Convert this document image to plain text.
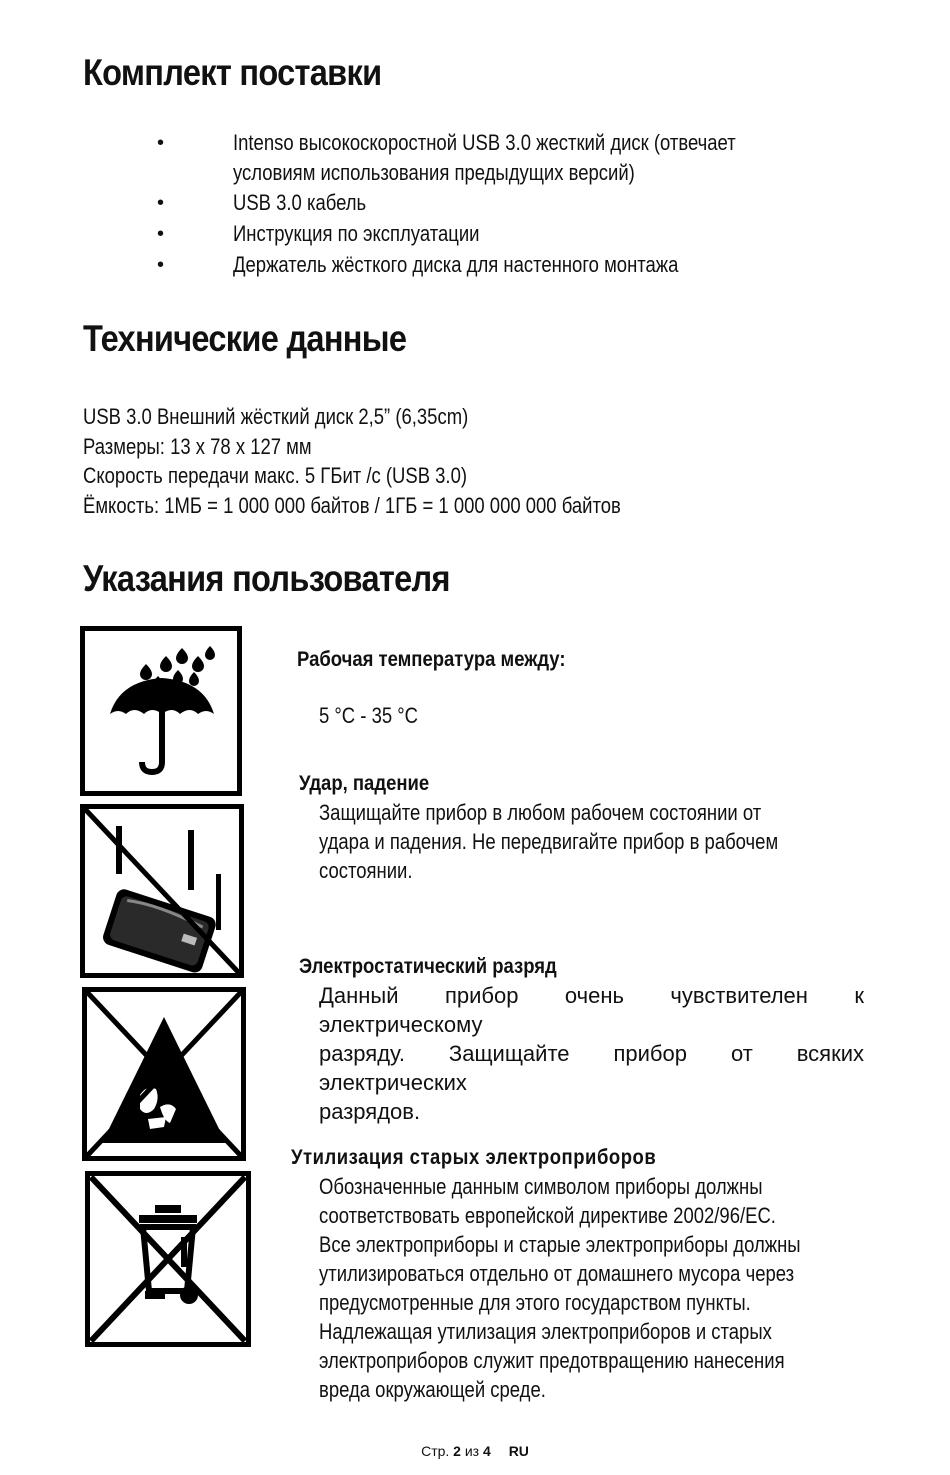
Комплект поставки
•	Intenso высокоскоростной USB 3.0 жесткий диск (отвечает
условиям использования предыдущих версий)
•	USB 3.0 кабель
•	Инструкция по эксплуатации
•	Держатель жёсткого диска для настенного монтажа
Технические данные
USB 3.0 Внешний жёсткий диск 2,5” (6,35cm)
Размеры: 13 x 78 x 127 мм
Скорость передачи макс. 5 ГБит /с (USB 3.0)
Ёмкость: 1МБ = 1 000 000 байтов / 1ГБ = 1 000 000 000 байтов
Указания пользователя
Рабочая температура между:
5 °C - 35 °C
Удар, падение
Защищайте прибор в любом рабочем состоянии от
удара и падения. Не передвигайте прибор в рабочем
состоянии.
Электростатический разряд
Данный прибор очень чувствителен к электрическому
разряду. Защищайте прибор от всяких электрических
разрядов.
Утилизация старых электроприборов
Обозначенные данным символом приборы должны
соответствовать европейской директиве 2002/96/EC.
Все электроприборы и старые электроприборы должны
утилизироваться отдельно от домашнего мусора через
предусмотренные для этого государством пункты.
Надлежащая утилизация электроприборов и старых
электроприборов служит предотвращению нанесения
вреда окружающей среде.
Стр. 2 из 4 RU
